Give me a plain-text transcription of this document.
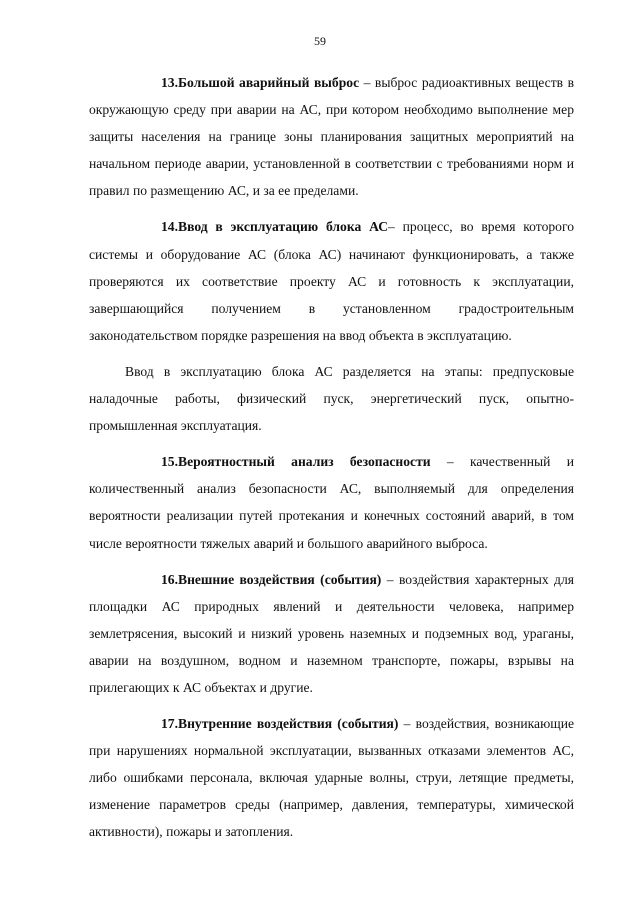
59

13.Большой аварийный выброс – выброс радиоактивных веществ в окружающую среду при аварии на АС, при котором необходимо выполнение мер защиты населения на границе зоны планирования защитных мероприятий на начальном периоде аварии, установленной в соответствии с требованиями норм и правил по размещению АС, и за ее пределами.

14.Ввод в эксплуатацию блока АС– процесс, во время которого системы и оборудование АС (блока АС) начинают функционировать, а также проверяются их соответствие проекту АС и готовность к эксплуатации, завершающийся получением в установленном градостроительным законодательством порядке разрешения на ввод объекта в эксплуатацию.

Ввод в эксплуатацию блока АС разделяется на этапы: предпусковые наладочные работы, физический пуск, энергетический пуск, опытно-промышленная эксплуатация.

15.Вероятностный анализ безопасности – качественный и количественный анализ безопасности АС, выполняемый для определения вероятности реализации путей протекания и конечных состояний аварий, в том числе вероятности тяжелых аварий и большого аварийного выброса.

16.Внешние воздействия (события) – воздействия характерных для площадки АС природных явлений и деятельности человека, например землетрясения, высокий и низкий уровень наземных и подземных вод, ураганы, аварии на воздушном, водном и наземном транспорте, пожары, взрывы на прилегающих к АС объектах и другие.

17.Внутренние воздействия (события) – воздействия, возникающие при нарушениях нормальной эксплуатации, вызванных отказами элементов АС, либо ошибками персонала, включая ударные волны, струи, летящие предметы, изменение параметров среды (например, давления, температуры, химической активности), пожары и затопления.
